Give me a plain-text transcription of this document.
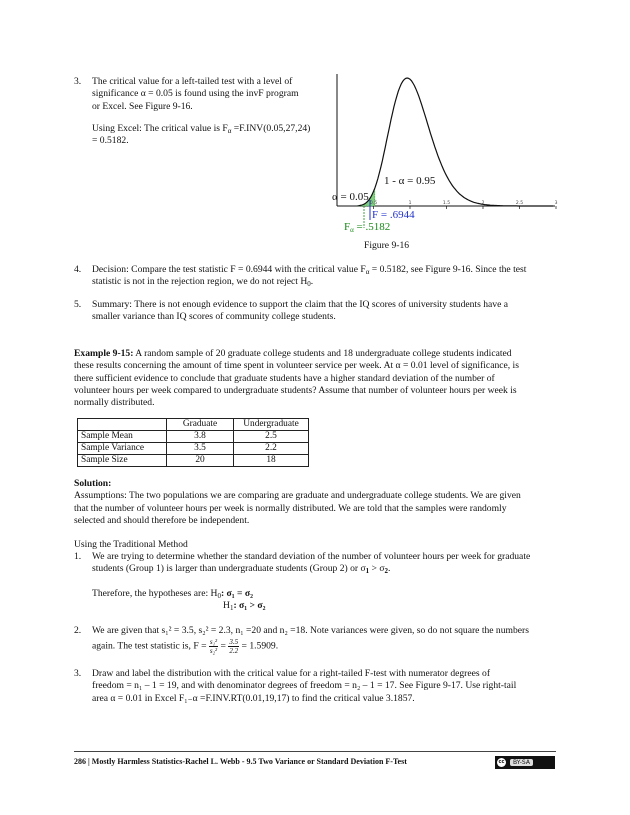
3. The critical value for a left-tailed test with a level of
significance α = 0.05 is found using the invF program
or Excel. See Figure 9-16.
Using Excel: The critical value is $F_\alpha =F.INV(0.05,27,24)$
= 0.5182.
0.5	1	1.5	2	2.5	3
α = 0.05
1 - α = 0.95
F = .6944
Fα = .5182
Figure 9-16
4. Decision: Compare the test statistic F = 0.6944 with the critical value $F_\alpha = 0.5182$, see Figure 9-16. Since the test
statistic is not in the rejection region, we do not reject $H_0$.
5. Summary: There is not enough evidence to support the claim that the IQ scores of university students have a
smaller variance than IQ scores of community college students.
Example 9-15: A random sample of 20 graduate college students and 18 undergraduate college students indicated
these results concerning the amount of time spent in volunteer service per week. At α = 0.01 level of significance, is
there sufficient evidence to conclude that graduate students have a higher standard deviation of the number of
volunteer hours per week compared to undergraduate students? Assume that number of volunteer hours per week is
normally distributed.
	Graduate	Undergraduate
Sample Mean	3.8	2.5
Sample Variance	3.5	2.2
Sample Size	20	18
Solution:
Assumptions: The two populations we are comparing are graduate and undergraduate college students. We are given
that the number of volunteer hours per week is normally distributed. We are told that the samples were randomly
selected and should therefore be independent.
Using the Traditional Method
1. We are trying to determine whether the standard deviation of the number of volunteer hours per week for graduate
students (Group 1) is larger than undergraduate students (Group 2) or $\sigma_1 > \sigma_2$.
Therefore, the hypotheses are: $H_0$: σ₁ = σ₂
$H_1$: σ₁ > σ₂
2. We are given that s₁² = 3.5, s₂² = 2.3, n₁ =20 and n₂ =18. Note variances were given, so do not square the numbers
again. The test statistic is, $F = \frac{\text{s₁²}}{\text{s₂²}} = \frac{3.5}{2.2} = 1.5909$.
3. Draw and label the distribution with the critical value for a right-tailed F-test with numerator degrees of
freedom = n₁ – 1 = 19, and with denominator degrees of freedom = n₂ – 1 = 17. See Figure 9-17. Use right-tail
area α = 0.01 in Excel F₁₋α =F.INV.RT(0.01,19,17) to find the critical value 3.1857.
286 | Mostly Harmless Statistics-Rachel L. Webb - 9.5 Two Variance or Standard Deviation F-Test	cc	BY-SA
